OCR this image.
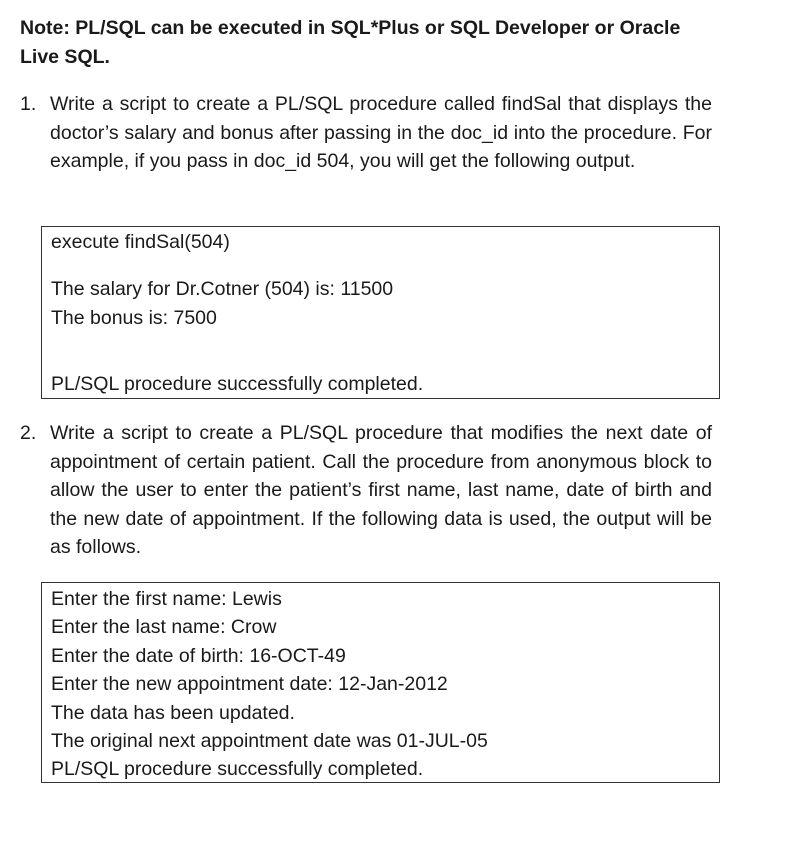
Note: PL/SQL can be executed in SQL*Plus or SQL Developer or Oracle Live SQL.
1. Write a script to create a PL/SQL procedure called findSal that displays the doctor’s salary and bonus after passing in the doc_id into the procedure. For example, if you pass in doc_id 504, you will get the following output.
execute findSal(504)
The salary for Dr.Cotner (504) is: 11500
The bonus is: 7500
PL/SQL procedure successfully completed.
2. Write a script to create a PL/SQL procedure that modifies the next date of appointment of certain patient. Call the procedure from anonymous block to allow the user to enter the patient’s first name, last name, date of birth and the new date of appointment. If the following data is used, the output will be as follows.
Enter the first name: Lewis
Enter the last name: Crow
Enter the date of birth: 16-OCT-49
Enter the new appointment date: 12-Jan-2012
The data has been updated.
The original next appointment date was 01-JUL-05
PL/SQL procedure successfully completed.
